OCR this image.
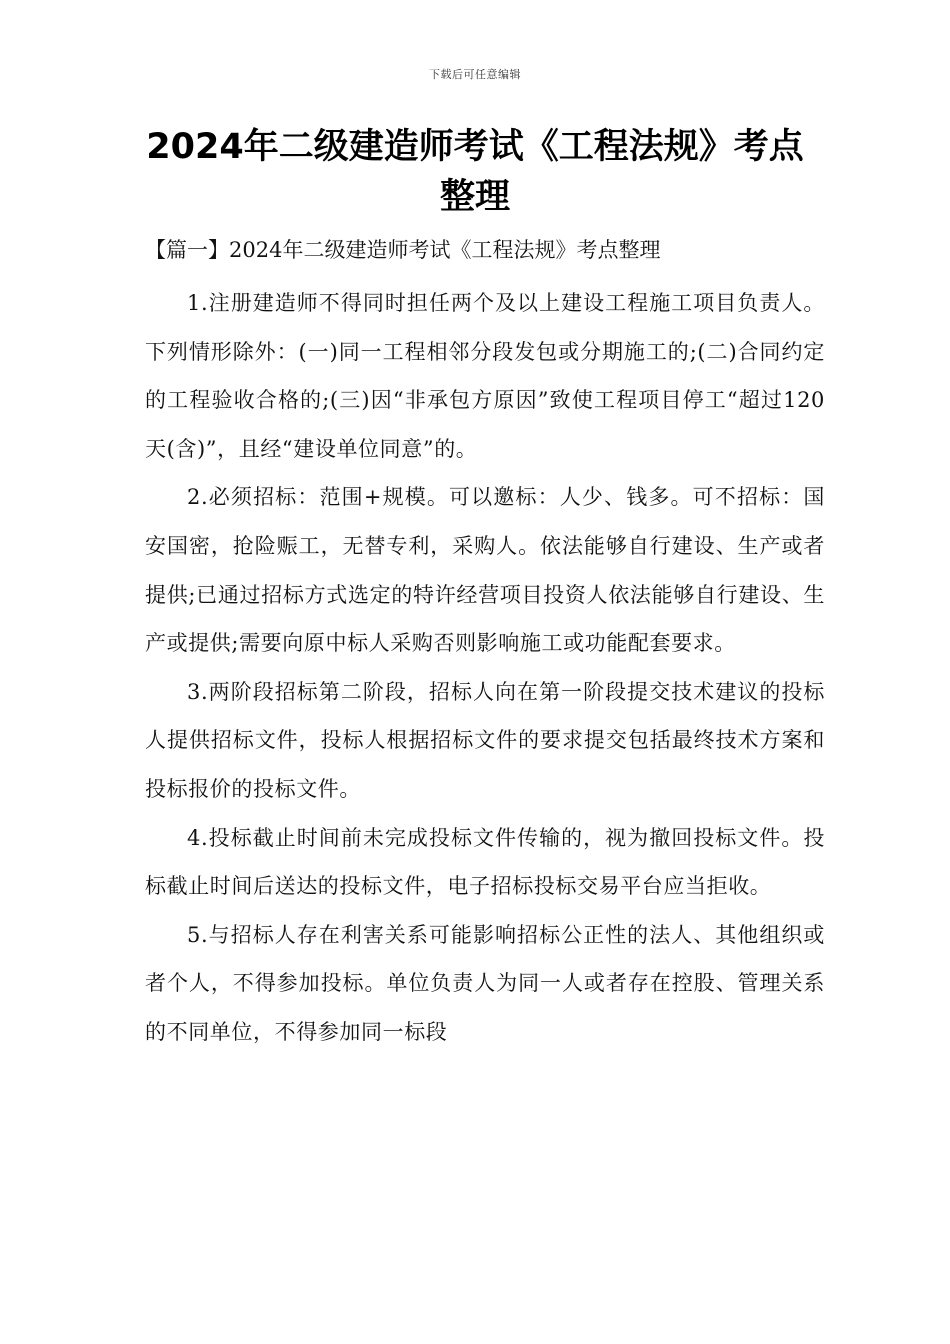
下载后可任意编辑
2024年二级建造师考试《工程法规》考点整理
【篇一】2024年二级建造师考试《工程法规》考点整理

1.注册建造师不得同时担任两个及以上建设工程施工项目负责人。下列情形除外：(一)同一工程相邻分段发包或分期施工的;(二)合同约定的工程验收合格的;(三)因“非承包方原因”致使工程项目停工“超过120天(含)”，且经“建设单位同意”的。

2.必须招标：范围+规模。可以邀标：人少、钱多。可不招标：国安国密，抢险赈工，无替专利，采购人。依法能够自行建设、生产或者提供;已通过招标方式选定的特许经营项目投资人依法能够自行建设、生产或提供;需要向原中标人采购否则影响施工或功能配套要求。

3.两阶段招标第二阶段，招标人向在第一阶段提交技术建议的投标人提供招标文件，投标人根据招标文件的要求提交包括最终技术方案和投标报价的投标文件。

4.投标截止时间前未完成投标文件传输的，视为撤回投标文件。投标截止时间后送达的投标文件，电子招标投标交易平台应当拒收。

5.与招标人存在利害关系可能影响招标公正性的法人、其他组织或者个人，不得参加投标。单位负责人为同一人或者存在控股、管理关系的不同单位，不得参加同一标段
